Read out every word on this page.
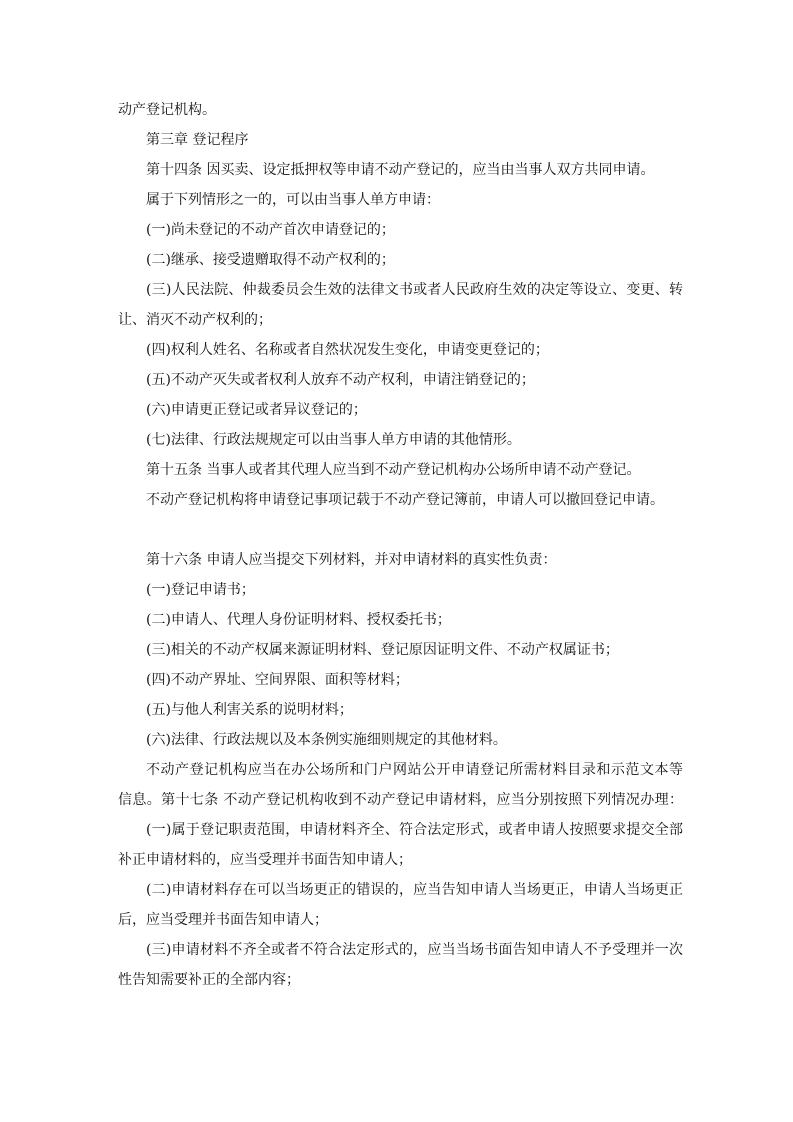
动产登记机构。

第三章 登记程序

第十四条 因买卖、设定抵押权等申请不动产登记的，应当由当事人双方共同申请。

属于下列情形之一的，可以由当事人单方申请：

(一)尚未登记的不动产首次申请登记的；

(二)继承、接受遗赠取得不动产权利的；

(三)人民法院、仲裁委员会生效的法律文书或者人民政府生效的决定等设立、变更、转

让、消灭不动产权利的；

(四)权利人姓名、名称或者自然状况发生变化，申请变更登记的；

(五)不动产灭失或者权利人放弃不动产权利，申请注销登记的；

(六)申请更正登记或者异议登记的；

(七)法律、行政法规规定可以由当事人单方申请的其他情形。

第十五条 当事人或者其代理人应当到不动产登记机构办公场所申请不动产登记。

不动产登记机构将申请登记事项记载于不动产登记簿前，申请人可以撤回登记申请。

第十六条 申请人应当提交下列材料，并对申请材料的真实性负责：

(一)登记申请书；

(二)申请人、代理人身份证明材料、授权委托书；

(三)相关的不动产权属来源证明材料、登记原因证明文件、不动产权属证书；

(四)不动产界址、空间界限、面积等材料；

(五)与他人利害关系的说明材料；

(六)法律、行政法规以及本条例实施细则规定的其他材料。

不动产登记机构应当在办公场所和门户网站公开申请登记所需材料目录和示范文本等

信息。第十七条 不动产登记机构收到不动产登记申请材料，应当分别按照下列情况办理：

(一)属于登记职责范围，申请材料齐全、符合法定形式，或者申请人按照要求提交全部

补正申请材料的，应当受理并书面告知申请人；

(二)申请材料存在可以当场更正的错误的，应当告知申请人当场更正，申请人当场更正

后，应当受理并书面告知申请人；

(三)申请材料不齐全或者不符合法定形式的，应当当场书面告知申请人不予受理并一次

性告知需要补正的全部内容；
